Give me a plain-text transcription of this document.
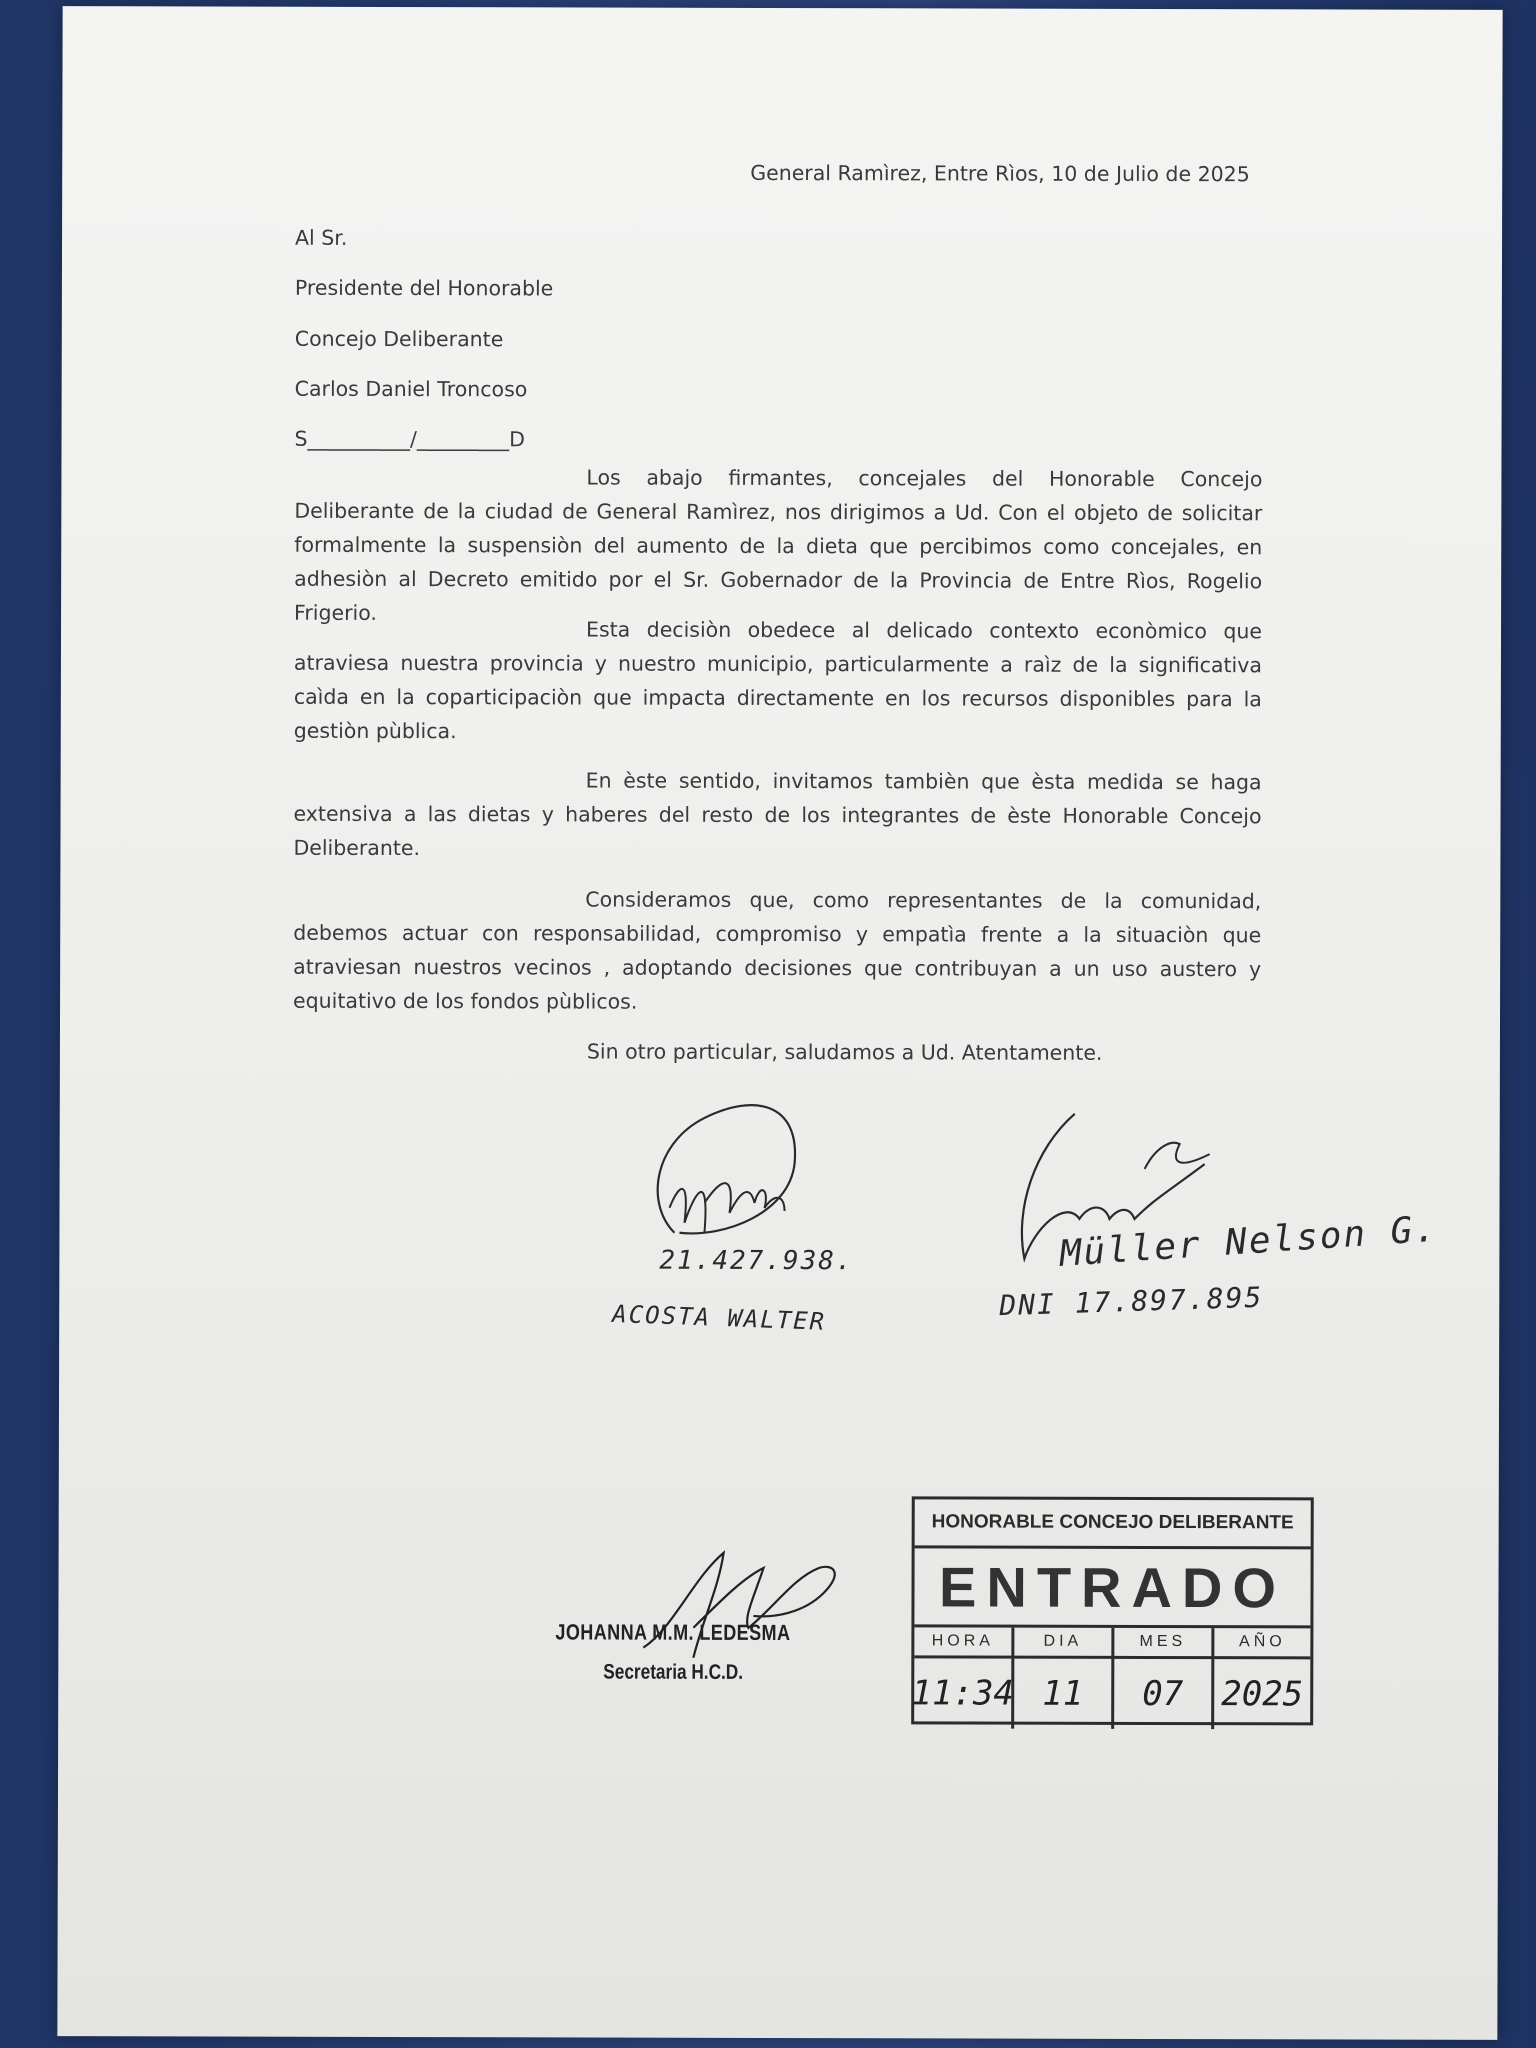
General Ramìrez, Entre Rìos, 10 de Julio de 2025

Al Sr.

Presidente del Honorable

Concejo Deliberante

Carlos Daniel Troncoso

S__________/_________D

Los abajo firmantes, concejales del Honorable Concejo Deliberante de la ciudad de General Ramìrez, nos dirigimos a Ud. Con el objeto de solicitar formalmente la suspensiòn del aumento de la dieta que percibimos como concejales, en adhesiòn al Decreto emitido por el Sr. Gobernador de la Provincia de Entre Rìos, Rogelio Frigerio.

Esta decisiòn obedece al delicado contexto econòmico que atraviesa nuestra provincia y nuestro municipio, particularmente a raìz de la significativa caìda en la coparticipaciòn que impacta directamente en los recursos disponibles para la gestiòn pùblica.

En èste sentido, invitamos tambièn que èsta medida se haga extensiva a las dietas y haberes del resto de los integrantes de èste Honorable Concejo Deliberante.

Consideramos que, como representantes de la comunidad, debemos actuar con responsabilidad, compromiso y empatìa frente a la situaciòn que atraviesan nuestros vecinos , adoptando decisiones que contribuyan a un uso austero y equitativo de los fondos pùblicos.

Sin otro particular, saludamos a Ud. Atentamente.

21.427.938.

ACOSTA WALTER

Müller Nelson G.

DNI 17.897.895

JOHANNA M.M. LEDESMA

Secretaria H.C.D.

HONORABLE CONCEJO DELIBERANTE
ENTRADO
HORA	DIA	MES	AÑO
11:34 11	07	2025
